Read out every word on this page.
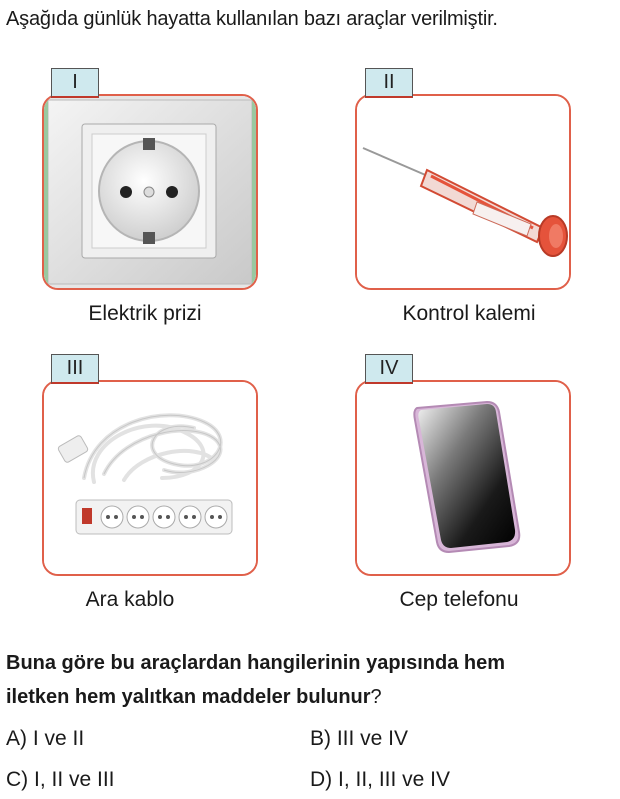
Aşağıda günlük hayatta kullanılan bazı araçlar verilmiştir.
I
Elektrik prizi
II
Kontrol kalemi
III
Ara kablo
IV
Cep telefonu
Buna göre bu araçlardan hangilerinin yapısında hem
iletken hem yalıtkan maddeler bulunur?
A) I ve II	B) III ve IV
C) I, II ve III	D) I, II, III ve IV
